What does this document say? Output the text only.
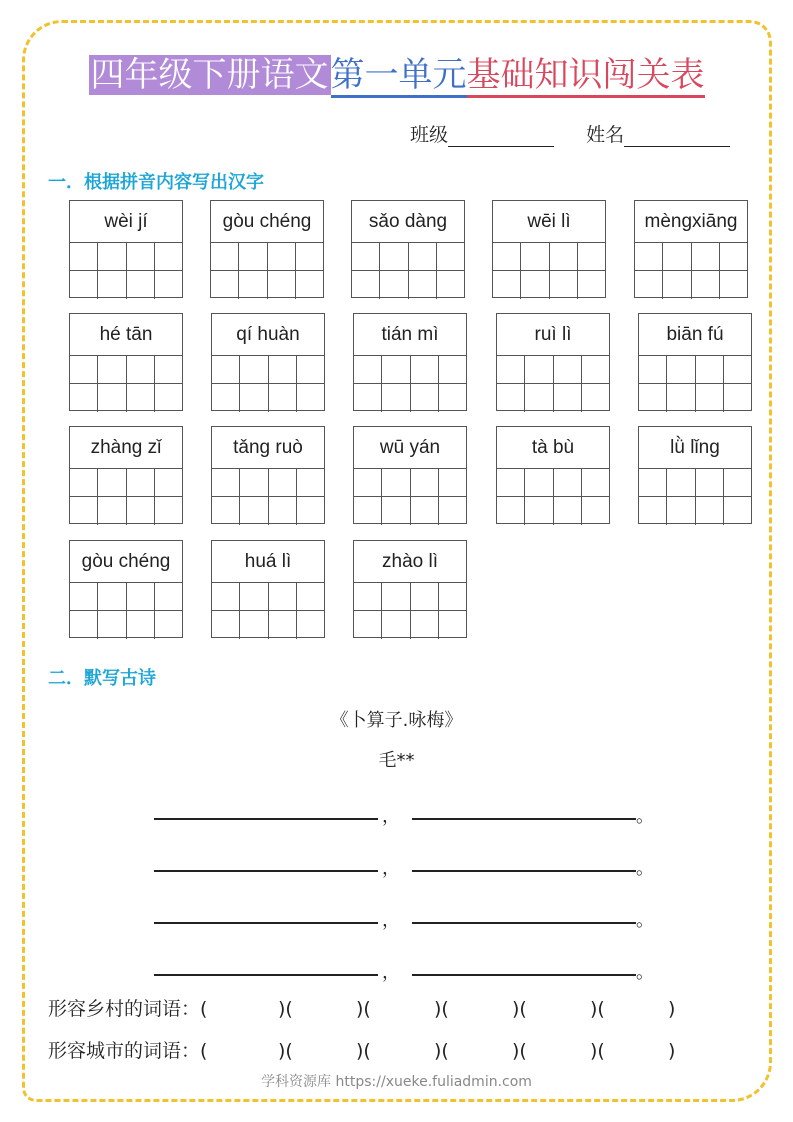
四年级下册语文第一单元基础知识闯关表
班级	姓名
一．根据拼音内容写出汉字
wèi jí	gòu chéng	sǎo dàng	wēi lì	mèngxiāng
hé tān	qí huàn	tián mì	ruì lì	biān fú
zhàng zǐ	tǎng ruò	wū yán	tà bù	lǜ lǐng
gòu chéng	huá lì	zhào lì
二．默写古诗
《卜算子.咏梅》
毛**
，	。
，	。
，	。
，	。
形容乡村的词语：(	)(	)(	)(	)(	)(	)
形容城市的词语：(	)(	)(	)(	)(	)(	)
学科资源库 https://xueke.fuliadmin.com
